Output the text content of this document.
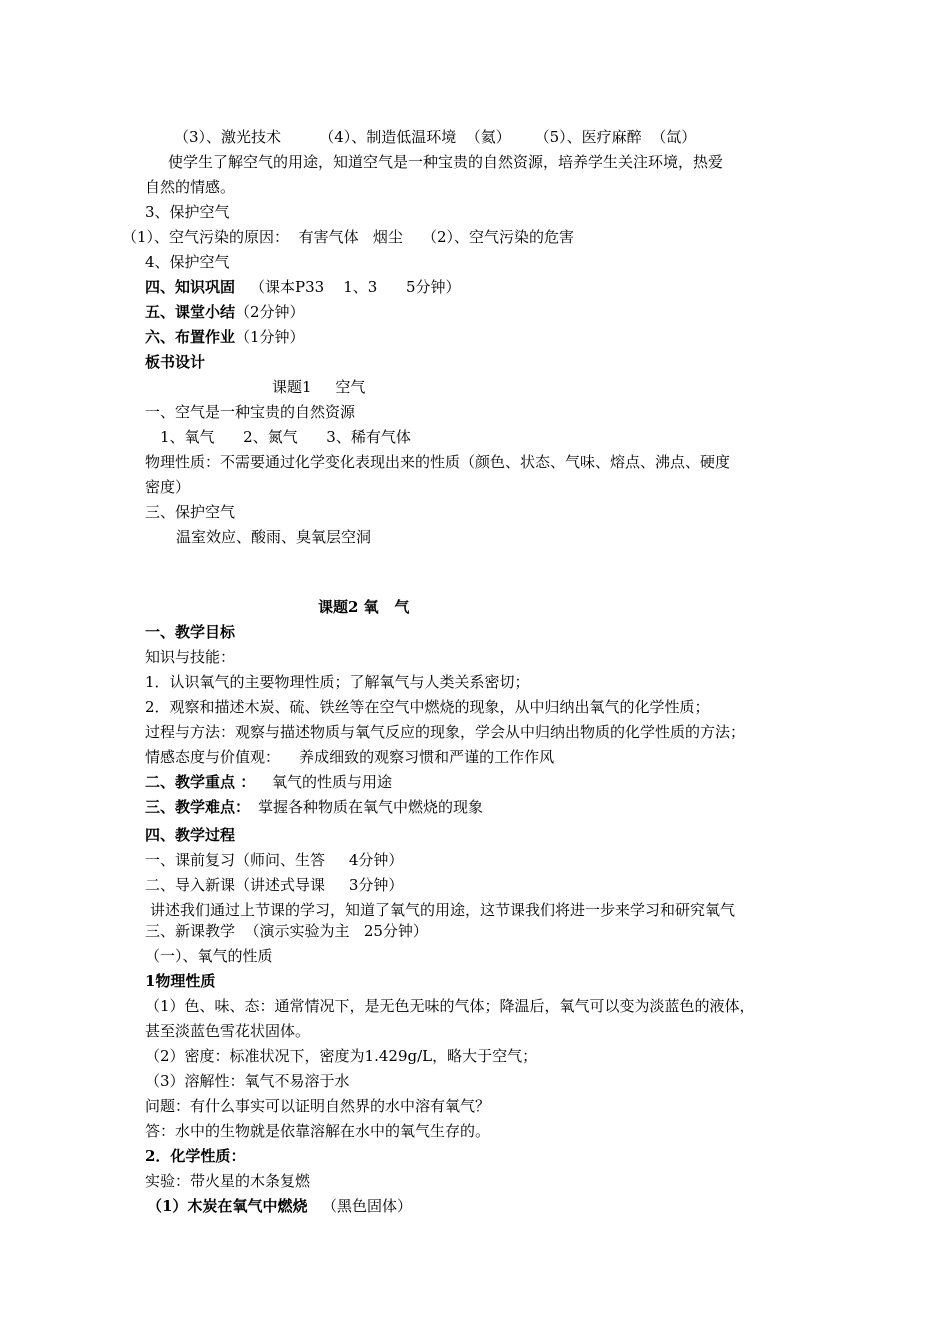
（3）、激光技术        （4）、制造低温环境  （氦）     （5）、医疗麻醉  （氙）
使学生了解空气的用途，知道空气是一种宝贵的自然资源，培养学生关注环境，热爱
自然的情感。
3、保护空气
（1）、空气污染的原因：  有害气体   烟尘    （2）、空气污染的危害
4、保护空气
四、知识巩固 （课本P33    1、3      5分钟）
五、课堂小结 （2分钟）
六、布置作业 （1分钟）
板书设计
课题1     空气
一、空气是一种宝贵的自然资源
1、氧气      2、氮气      3、稀有气体
物理性质：不需要通过化学变化表现出来的性质（颜色、状态、气味、熔点、沸点、硬度
密度）
三、保护空气
温室效应、酸雨、臭氧层空洞
课题2 氧   气
一、教学目标
知识与技能：
1．认识氧气的主要物理性质；了解氧气与人类关系密切；
2．观察和描述木炭、硫、铁丝等在空气中燃烧的现象，从中归纳出氧气的化学性质；
过程与方法：观察与描述物质与氧气反应的现象，学会从中归纳出物质的化学性质的方法；
情感态度与价值观：    养成细致的观察习惯和严谨的工作作风
二、教学重点 ： 氧气的性质与用途
三、教学难点： 掌握各种物质在氧气中燃烧的现象
四、教学过程
一、课前复习（师问、生答     4分钟）
二、导入新课（讲述式导课     3分钟）
讲述我们通过上节课的学习，知道了氧气的用途，这节课我们将进一步来学习和研究氧气
三、新课教学  （演示实验为主   25分钟）
（一）、氧气的性质
1物理性质
（1）色、味、态：通常情况下，是无色无味的气体；降温后，氧气可以变为淡蓝色的液体，
甚至淡蓝色雪花状固体。
（2）密度：标准状况下，密度为1.429g/L，略大于空气；
（3）溶解性：氧气不易溶于水
问题：有什么事实可以证明自然界的水中溶有氧气？
答：水中的生物就是依靠溶解在水中的氧气生存的。
2．化学性质：
实验：带火星的木条复燃
（1）木炭在氧气中燃烧 （黑色固体）
